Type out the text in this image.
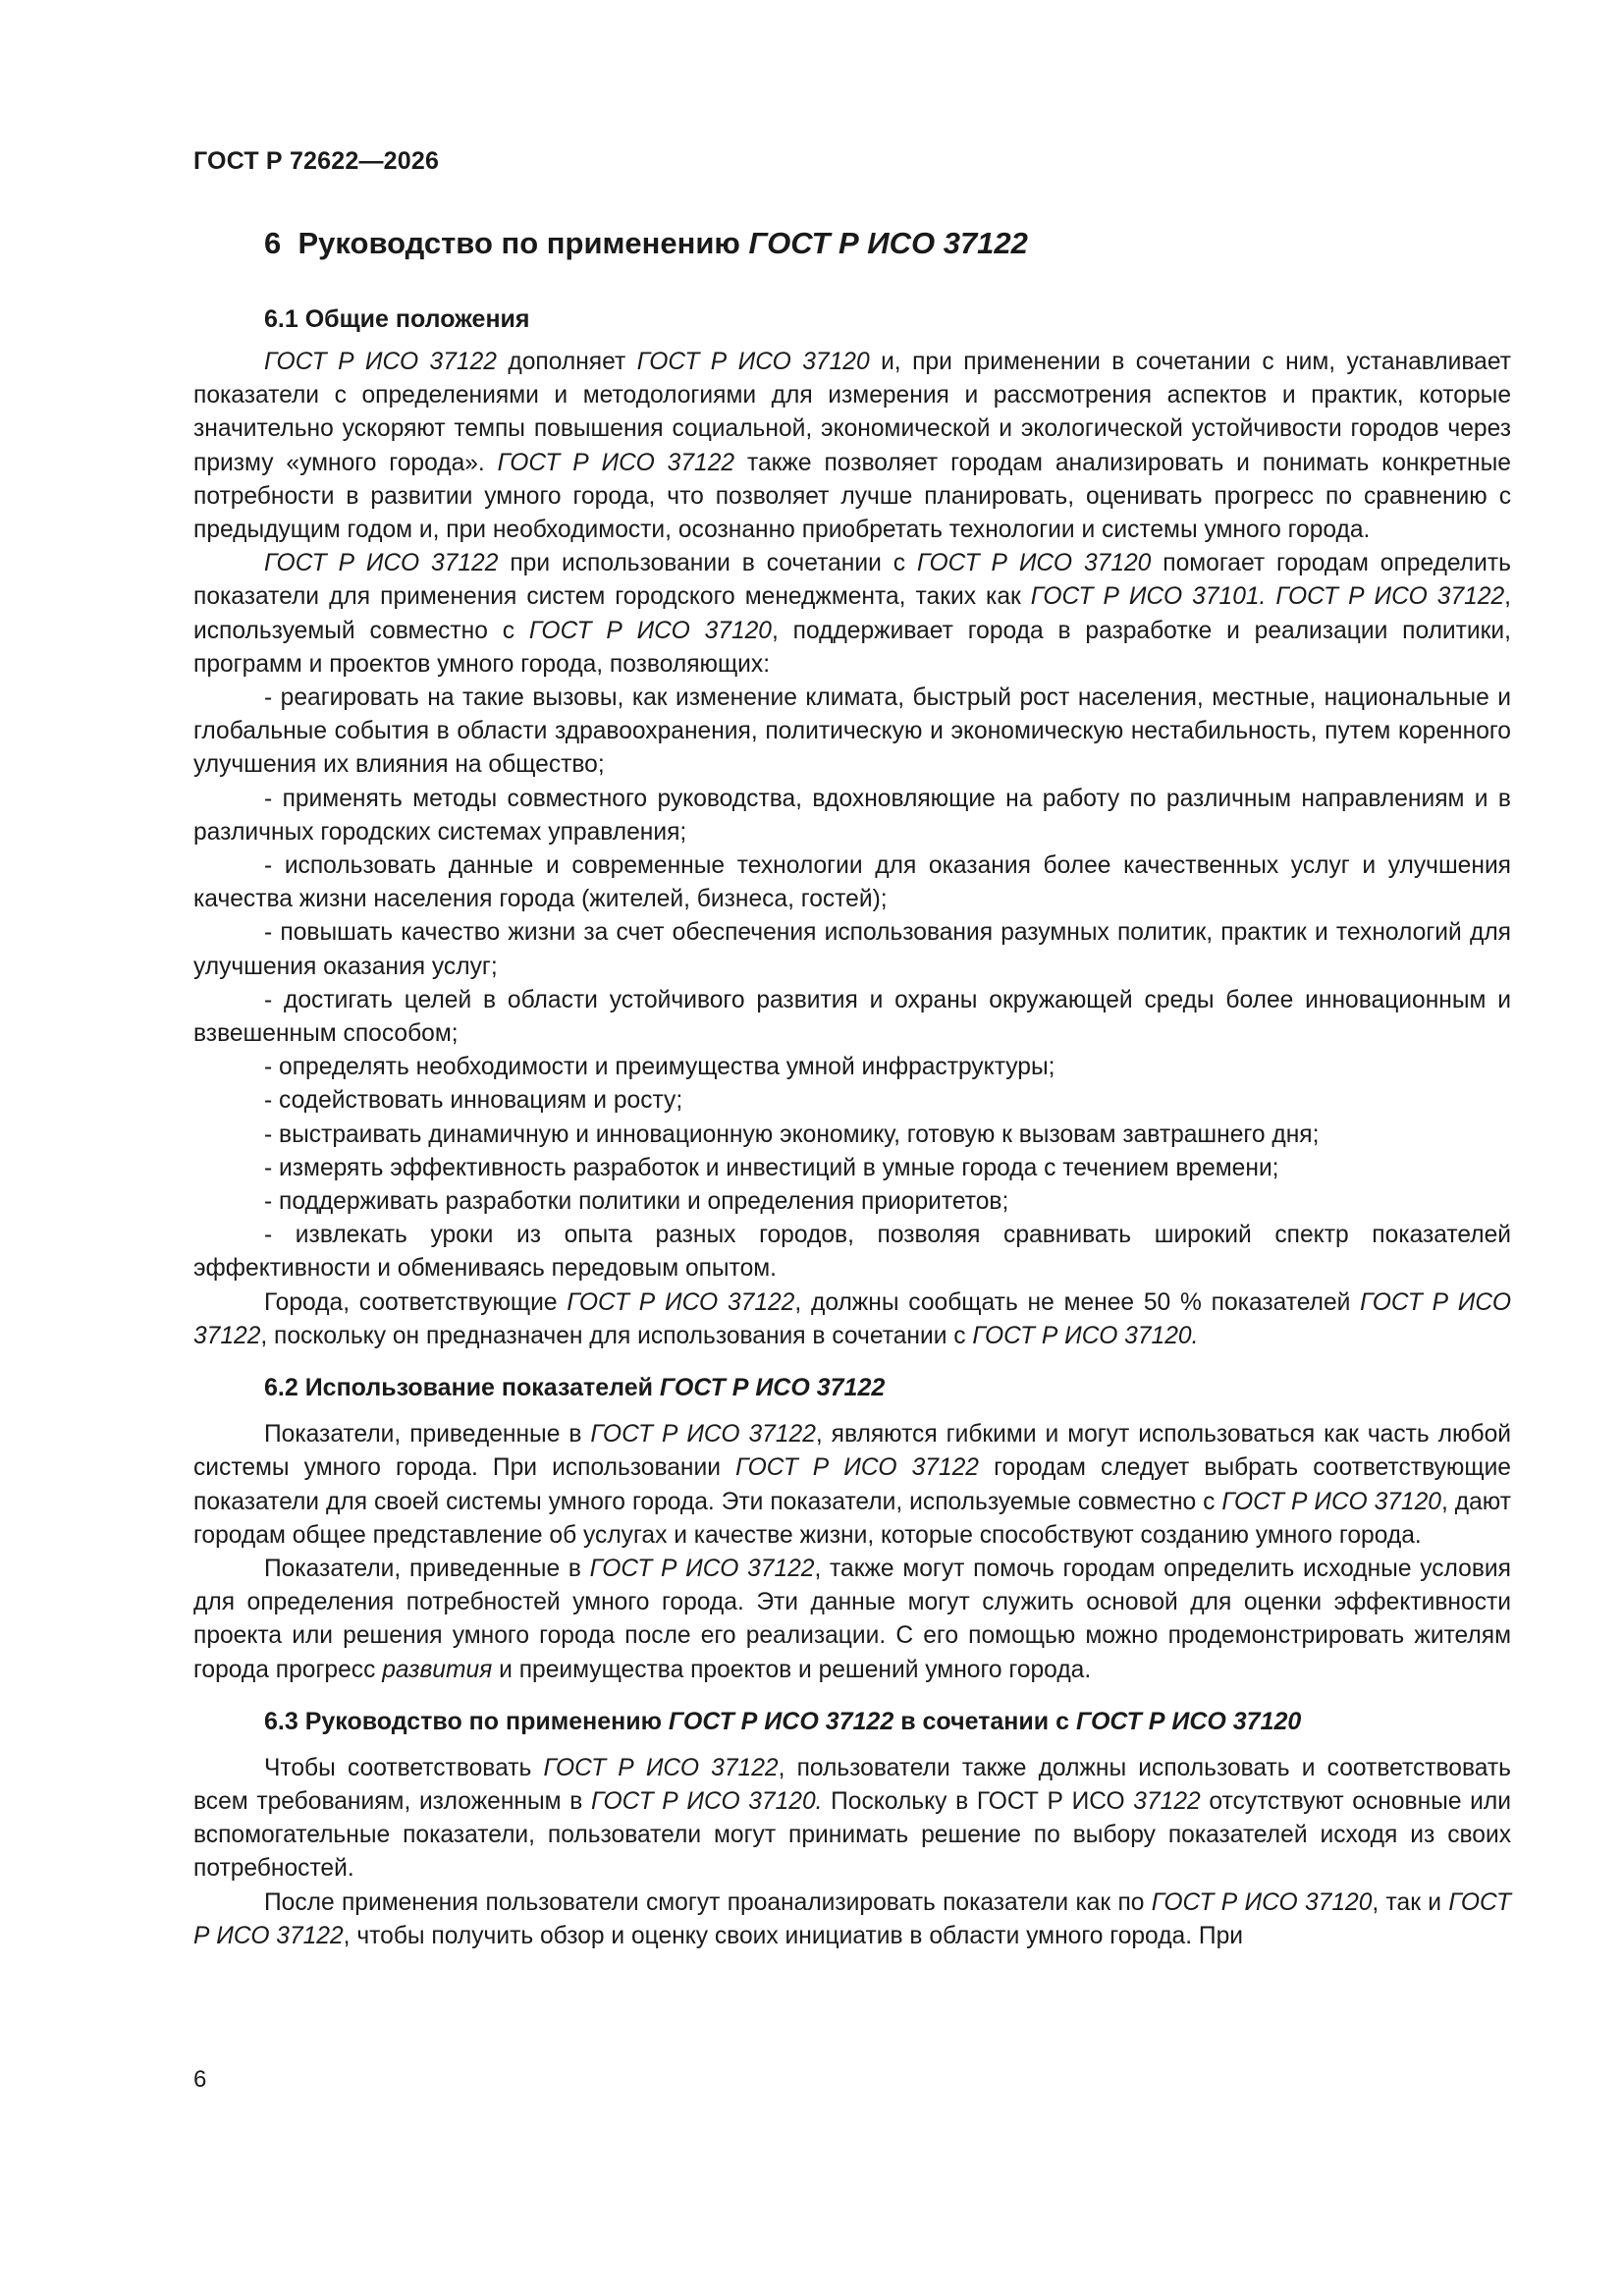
ГОСТ Р 72622—2026
6 Руководство по применению ГОСТ Р ИСО 37122
6.1 Общие положения

ГОСТ Р ИСО 37122 дополняет ГОСТ Р ИСО 37120 и, при применении в сочетании с ним, устанавливает показатели с определениями и методологиями для измерения и рассмотрения аспектов и практик, которые значительно ускоряют темпы повышения социальной, экономической и экологической устойчивости городов через призму «умного города». ГОСТ Р ИСО 37122 также позволяет городам анализировать и понимать конкретные потребности в развитии умного города, что позволяет лучше планировать, оценивать прогресс по сравнению с предыдущим годом и, при необходимости, осознанно приобретать технологии и системы умного города.

ГОСТ Р ИСО 37122 при использовании в сочетании с ГОСТ Р ИСО 37120 помогает городам определить показатели для применения систем городского менеджмента, таких как ГОСТ Р ИСО 37101. ГОСТ Р ИСО 37122, используемый совместно с ГОСТ Р ИСО 37120, поддерживает города в разработке и реализации политики, программ и проектов умного города, позволяющих:

- реагировать на такие вызовы, как изменение климата, быстрый рост населения, местные, национальные и глобальные события в области здравоохранения, политическую и экономическую нестабильность, путем коренного улучшения их влияния на общество;

- применять методы совместного руководства, вдохновляющие на работу по различным направлениям и в различных городских системах управления;

- использовать данные и современные технологии для оказания более качественных услуг и улучшения качества жизни населения города (жителей, бизнеса, гостей);

- повышать качество жизни за счет обеспечения использования разумных политик, практик и технологий для улучшения оказания услуг;

- достигать целей в области устойчивого развития и охраны окружающей среды более инновационным и взвешенным способом;

- определять необходимости и преимущества умной инфраструктуры;

- содействовать инновациям и росту;

- выстраивать динамичную и инновационную экономику, готовую к вызовам завтрашнего дня;

- измерять эффективность разработок и инвестиций в умные города с течением времени;

- поддерживать разработки политики и определения приоритетов;

- извлекать уроки из опыта разных городов, позволяя сравнивать широкий спектр показателей эффективности и обмениваясь передовым опытом.

Города, соответствующие ГОСТ Р ИСО 37122, должны сообщать не менее 50 % показателей ГОСТ Р ИСО 37122, поскольку он предназначен для использования в сочетании с ГОСТ Р ИСО 37120.

6.2 Использование показателей ГОСТ Р ИСО 37122

Показатели, приведенные в ГОСТ Р ИСО 37122, являются гибкими и могут использоваться как часть любой системы умного города. При использовании ГОСТ Р ИСО 37122 городам следует выбрать соответствующие показатели для своей системы умного города. Эти показатели, используемые совместно с ГОСТ Р ИСО 37120, дают городам общее представление об услугах и качестве жизни, которые способствуют созданию умного города.

Показатели, приведенные в ГОСТ Р ИСО 37122, также могут помочь городам определить исходные условия для определения потребностей умного города. Эти данные могут служить основой для оценки эффективности проекта или решения умного города после его реализации. С его помощью можно продемонстрировать жителям города прогресс развития и преимущества проектов и решений умного города.

6.3 Руководство по применению ГОСТ Р ИСО 37122 в сочетании с ГОСТ Р ИСО 37120

Чтобы соответствовать ГОСТ Р ИСО 37122, пользователи также должны использовать и соответствовать всем требованиям, изложенным в ГОСТ Р ИСО 37120. Поскольку в ГОСТ Р ИСО 37122 отсутствуют основные или вспомогательные показатели, пользователи могут принимать решение по выбору показателей исходя из своих потребностей.

После применения пользователи смогут проанализировать показатели как по ГОСТ Р ИСО 37120, так и ГОСТ Р ИСО 37122, чтобы получить обзор и оценку своих инициатив в области умного города. При

6
